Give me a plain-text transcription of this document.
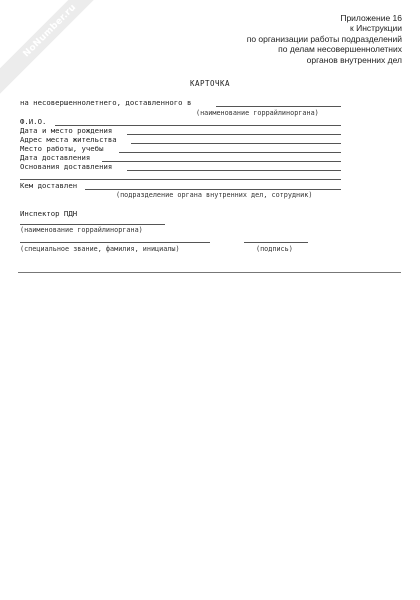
NoNumber.ru	Приложение 16
к Инструкции
по организации работы подразделений
по делам несовершеннолетних
органов внутренних дел
КАРТОЧКА
на несовершеннолетнего, доставленного в
(наименование горрайлиноргана)
Ф.И.О.
Дата и место рождения
Адрес места жительства
Место работы, учебы
Дата доставления
Основания доставления
Кем доставлен
(подразделение органа внутренних дел, сотрудник)
Инспектор ПДН
(наименование горрайлиноргана)
(специальное звание, фамилия, инициалы)	(подпись)
